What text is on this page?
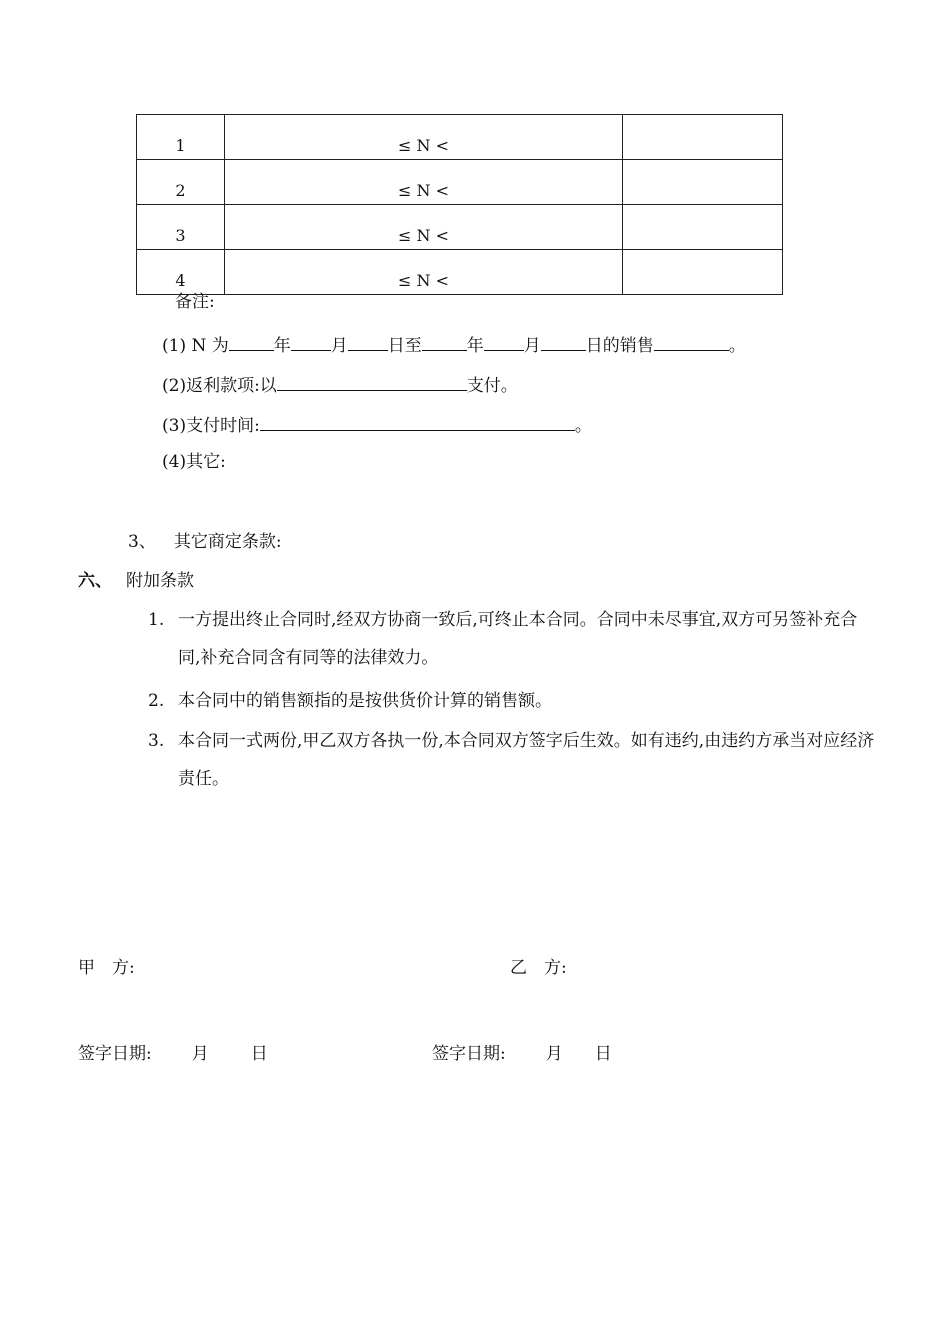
1	≤ N <	
2	≤ N <	
3	≤ N <	
4	≤ N <	
备注:
(1) N 为	年 月 日至	年 月	日的销售	。
(2)返利款项:以	支付。
(3)支付时间:	。
(4)其它:
3、 其它商定条款:
六、 附加条款
1. 一方提出终止合同时,经双方协商一致后,可终止本合同。合同中未尽事宜,双方可另签补充合同,补充合同含有同等的法律效力。
2. 本合同中的销售额指的是按供货价计算的销售额。
3. 本合同一式两份,甲乙双方各执一份,本合同双方签字后生效。如有违约,由违约方承当对应经济责任。
甲　方:	乙　方:
签字日期: 月 日	签字日期: 月 日
